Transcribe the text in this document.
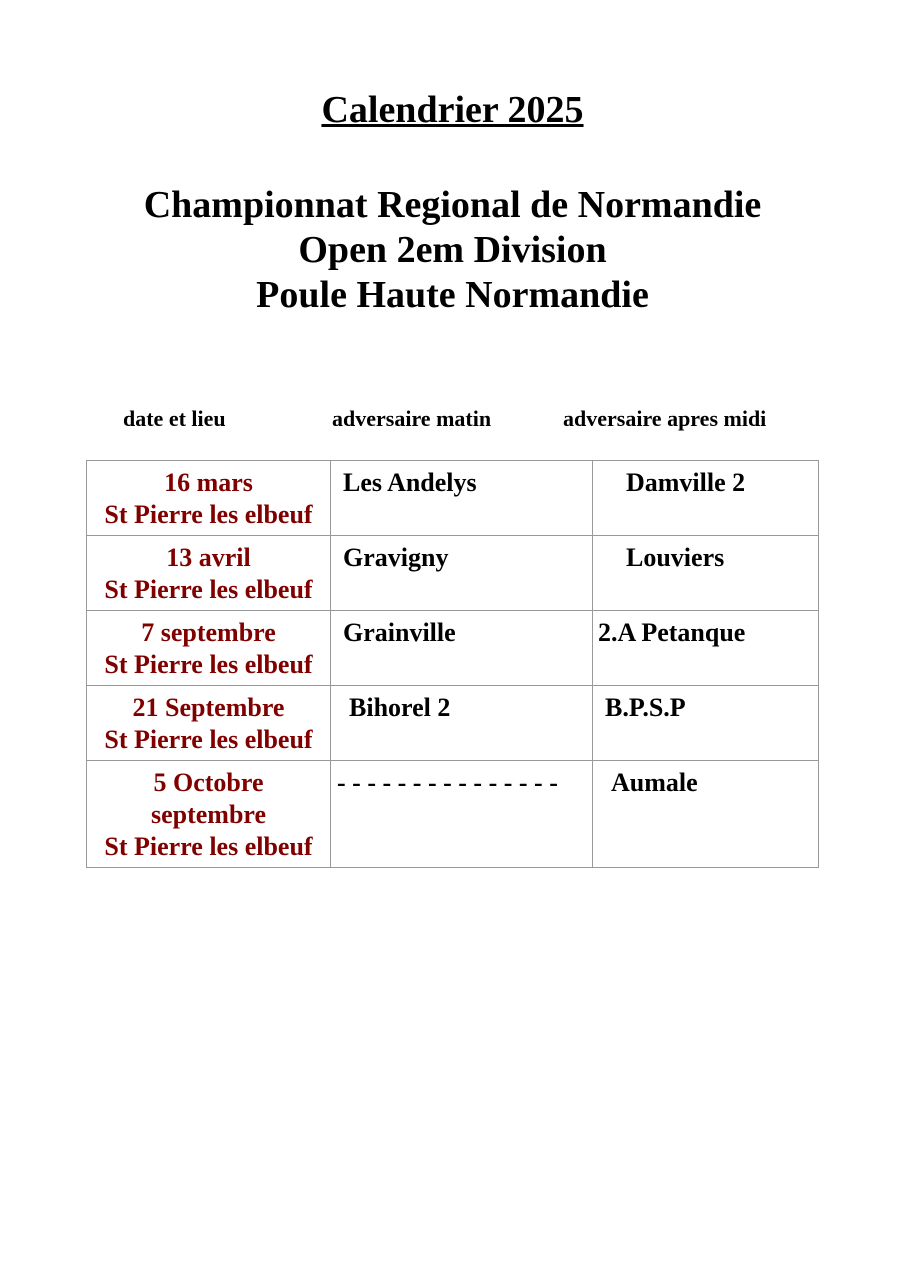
Calendrier 2025
Championnat Regional de Normandie
Open 2em Division
Poule Haute Normandie
date et lieu	adversaire matin	adversaire apres midi
16 mars
St Pierre les elbeuf	Les Andelys	Damville 2

13 avril
St Pierre les elbeuf	Gravigny	Louviers

7 septembre
St Pierre les elbeuf	Grainville	2.A Petanque

21 Septembre
St Pierre les elbeuf	Bihorel 2	B.P.S.P

5 Octobre
septembre
St Pierre les elbeuf	- - - - - - - - - - - - - - -	Aumale
